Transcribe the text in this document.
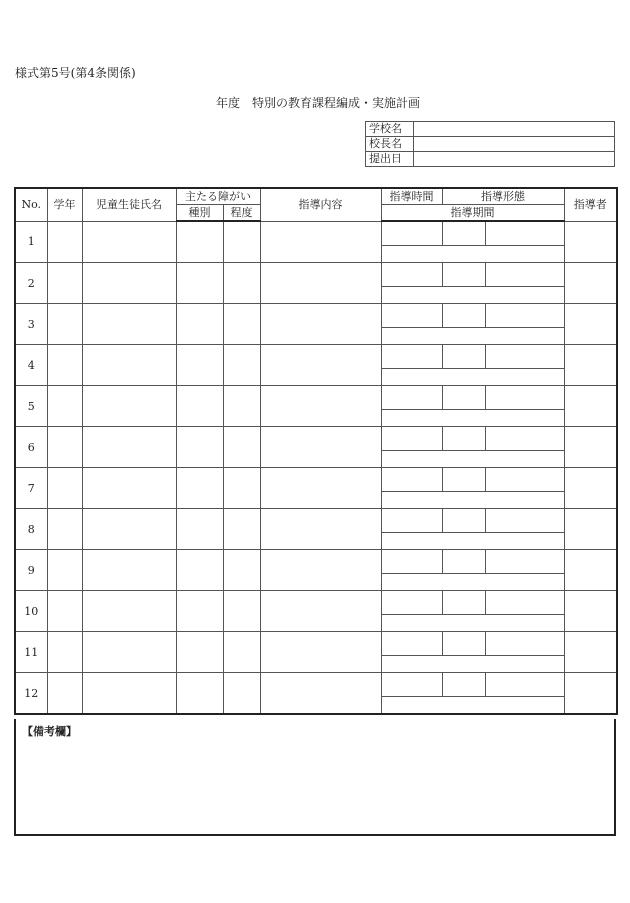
様式第5号(第4条関係)
年度 特別の教育課程編成・実施計画
学校名	
校長名	
提出日	
No.	学年	児童生徒氏名	主たる障がい		指導内容	指導時間	指導形態		指導者
			種別	程度		指導期間			
1									

2									

3									

4									

5									

6									

7									

8									

9									

10									

11									

12									

【備考欄】
